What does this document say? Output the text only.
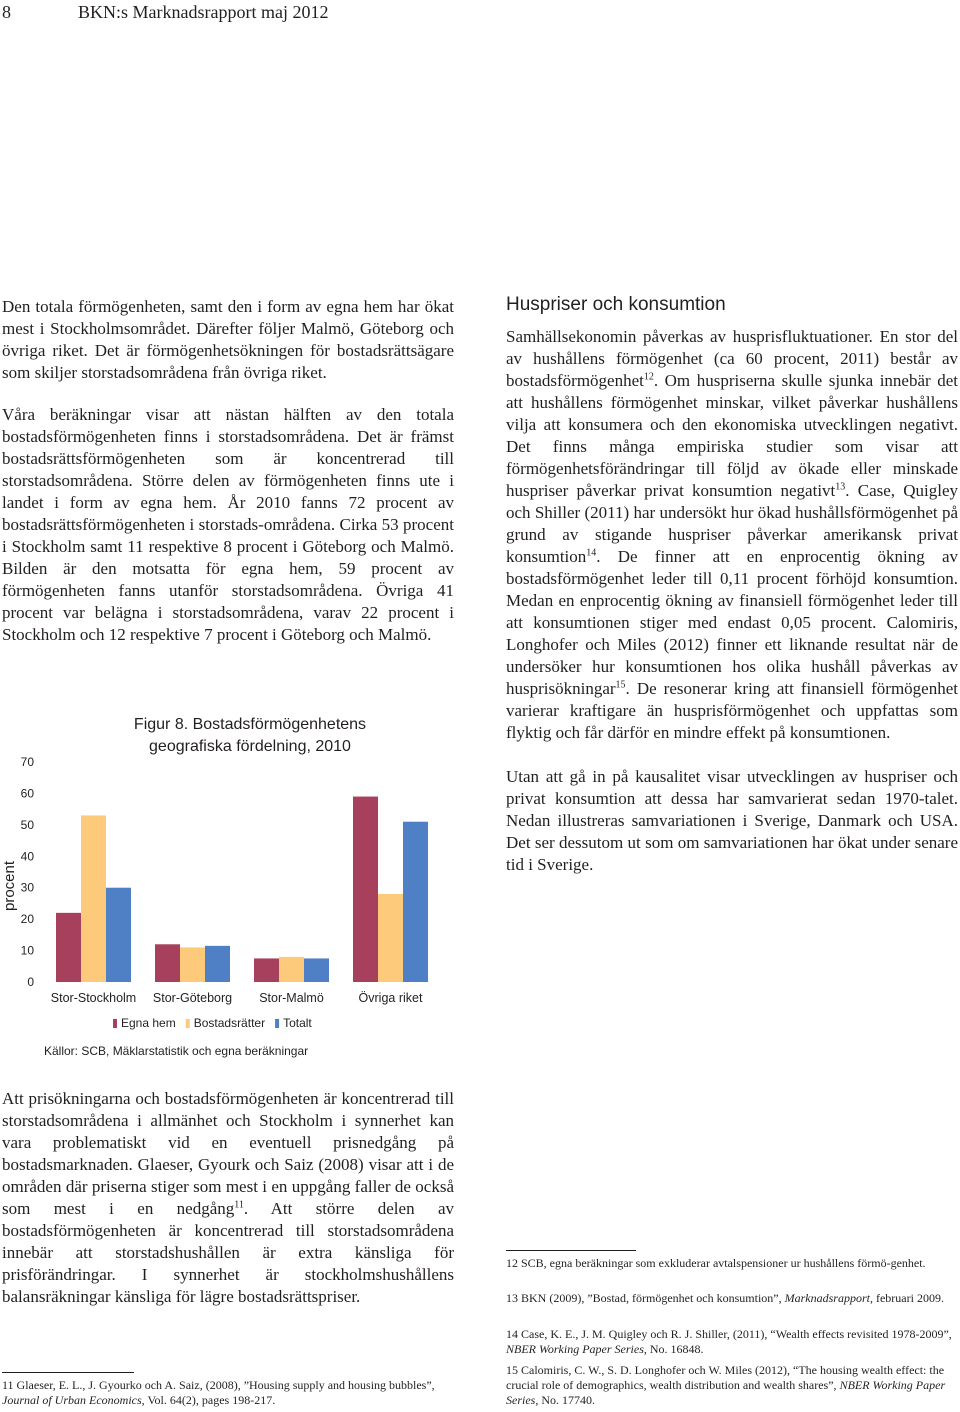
8	BKN:s Marknadsrapport maj 2012

Den totala förmögenheten, samt den i form av egna hem har ökat mest i Stockholmsområdet. Därefter följer Malmö, Göteborg och övriga riket. Det är förmögenhetsökningen för bostadsrättsägare som skiljer storstadsområdena från övriga riket.

Våra beräkningar visar att nästan hälften av den totala bostadsförmögenheten finns i storstadsområdena. Det är främst bostadsrättsförmögenheten som är koncentrerad till storstadsområdena. Större delen av förmögenheten finns ute i landet i form av egna hem. År 2010 fanns 72 procent av bostadsrättsförmögenheten i storstads-områdena. Cirka 53 procent i Stockholm samt 11 respektive 8 procent i Göteborg och Malmö. Bilden är den motsatta för egna hem, 59 procent av förmögenheten fanns utanför storstadsområdena. Övriga 41 procent var belägna i storstadsområdena, varav 22 procent i Stockholm och 12 respektive 7 procent i Göteborg och Malmö.

Figur 8. Bostadsförmögenhetens
geografiska fördelning, 2010
0
10
20
30
40
50
60
70
procent
Stor-Stockholm Stor-Göteborg Stor-Malmö	Övriga riket
Egna hem Bostadsrätter Totalt
Källor: SCB, Mäklarstatistik och egna beräkningar
Huspriser och konsumtion

Samhällsekonomin påverkas av husprisfluktuationer. En stor del av hushållens förmögenhet (ca 60 procent, 2011) består av bostadsförmögenhet$^{12}$. Om huspriserna skulle sjunka innebär det att hushållens förmögenhet minskar, vilket påverkar hushållens vilja att konsumera och den ekonomiska utvecklingen negativt. Det finns många empiriska studier som visar att förmögenhetsförändringar till följd av ökade eller minskade huspriser påverkar privat konsumtion negativt$^{13}$. Case, Quigley och Shiller (2011) har undersökt hur ökad hushållsförmögenhet på grund av stigande huspriser påverkar amerikansk privat konsumtion$^{14}$. De finner att en enprocentig ökning av bostadsförmögenhet leder till 0,11 procent förhöjd konsumtion. Medan en enprocentig ökning av finansiell förmögenhet leder till att konsumtionen stiger med endast 0,05 procent. Calomiris, Longhofer och Miles (2012) finner ett liknande resultat när de undersöker hur konsumtionen hos olika hushåll påverkas av husprisökningar$^{15}$. De resonerar kring att finansiell förmögenhet varierar kraftigare än husprisförmögenhet och uppfattas som flyktig och får därför en mindre effekt på konsumtionen.

Utan att gå in på kausalitet visar utvecklingen av huspriser och privat konsumtion att dessa har samvarierat sedan 1970-talet. Nedan illustreras samvariationen i Sverige, Danmark och USA. Det ser dessutom ut som om samvariationen har ökat under senare tid i Sverige.

Att prisökningarna och bostadsförmögenheten är koncentrerad till storstadsområdena i allmänhet och Stockholm i synnerhet kan vara problematiskt vid en eventuell prisnedgång på bostadsmarknaden. Glaeser, Gyourk och Saiz (2008) visar att i de områden där priserna stiger som mest i en uppgång faller de också som mest i en nedgång$^{11}$. Att större delen av bostadsförmögenheten är koncentrerad till storstadsområdena innebär att storstadshushållen är extra känsliga för prisförändringar. I synnerhet är stockholmshushållens balansräkningar känsliga för lägre bostadsrättspriser.

11 Glaeser, E. L., J. Gyourko och A. Saiz, (2008), ”Housing supply and housing bubbles”, Journal of Urban Economics, Vol. 64(2), pages 198-217.
12 SCB, egna beräkningar som exkluderar avtalspensioner ur hushållens förmö-genhet.
13 BKN (2009), ”Bostad, förmögenhet och konsumtion”, Marknadsrapport, februari 2009.
14 Case, K. E., J. M. Quigley och R. J. Shiller, (2011), “Wealth effects revisited 1978-2009”, NBER Working Paper Series, No. 16848.
15 Calomiris, C. W., S. D. Longhofer och W. Miles (2012), “The housing wealth effect: the crucial role of demographics, wealth distribution and wealth shares”, NBER Working Paper Series, No. 17740.
